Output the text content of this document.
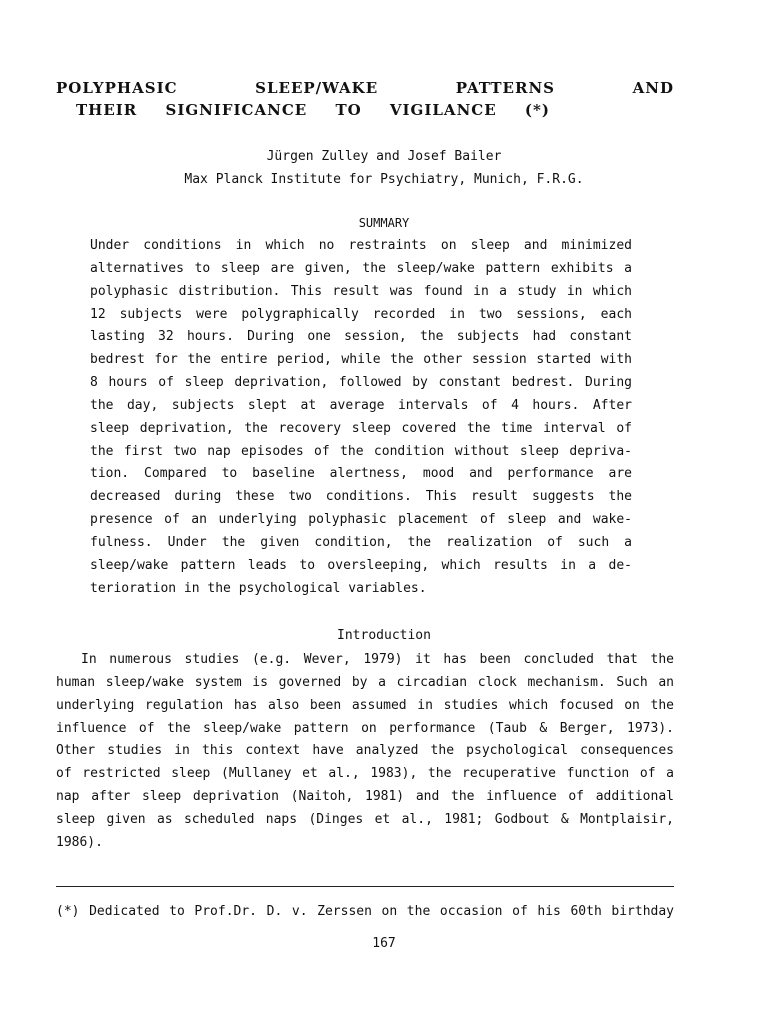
POLYPHASIC	SLEEP/WAKE	PATTERNS	AND
THEIR SIGNIFICANCE TO VIGILANCE (*)
Jürgen Zulley and Josef Bailer
Max Planck Institute for Psychiatry, Munich, F.R.G.
SUMMARY
Under conditions in which no restraints on sleep and minimized
alternatives to sleep are given, the sleep/wake pattern exhibits a
polyphasic distribution. This result was found in a study in which
12 subjects were polygraphically recorded in two sessions, each
lasting 32 hours. During one session, the subjects had constant
bedrest for the entire period, while the other session started with
8 hours of sleep deprivation, followed by constant bedrest. During
the day, subjects slept at average intervals of 4 hours. After
sleep deprivation, the recovery sleep covered the time interval of
the first two nap episodes of the condition without sleep depriva-
tion. Compared to baseline alertness, mood and performance are
decreased during these two conditions. This result suggests the
presence of an underlying polyphasic placement of sleep and wake-
fulness. Under the given condition, the realization of such a
sleep/wake pattern leads to oversleeping, which results in a de-
terioration in the psychological variables.
Introduction
In numerous studies (e.g. Wever, 1979) it has been concluded that the
human sleep/wake system is governed by a circadian clock mechanism. Such an
underlying regulation has also been assumed in studies which focused on the
influence of the sleep/wake pattern on performance (Taub & Berger, 1973).
Other studies in this context have analyzed the psychological consequences
of restricted sleep (Mullaney et al., 1983), the recuperative function of a
nap after sleep deprivation (Naitoh, 1981) and the influence of additional
sleep given as scheduled naps (Dinges et al., 1981; Godbout & Montplaisir,
1986).
(*) Dedicated to Prof.Dr. D. v. Zerssen on the occasion of his 60th birthday
167
